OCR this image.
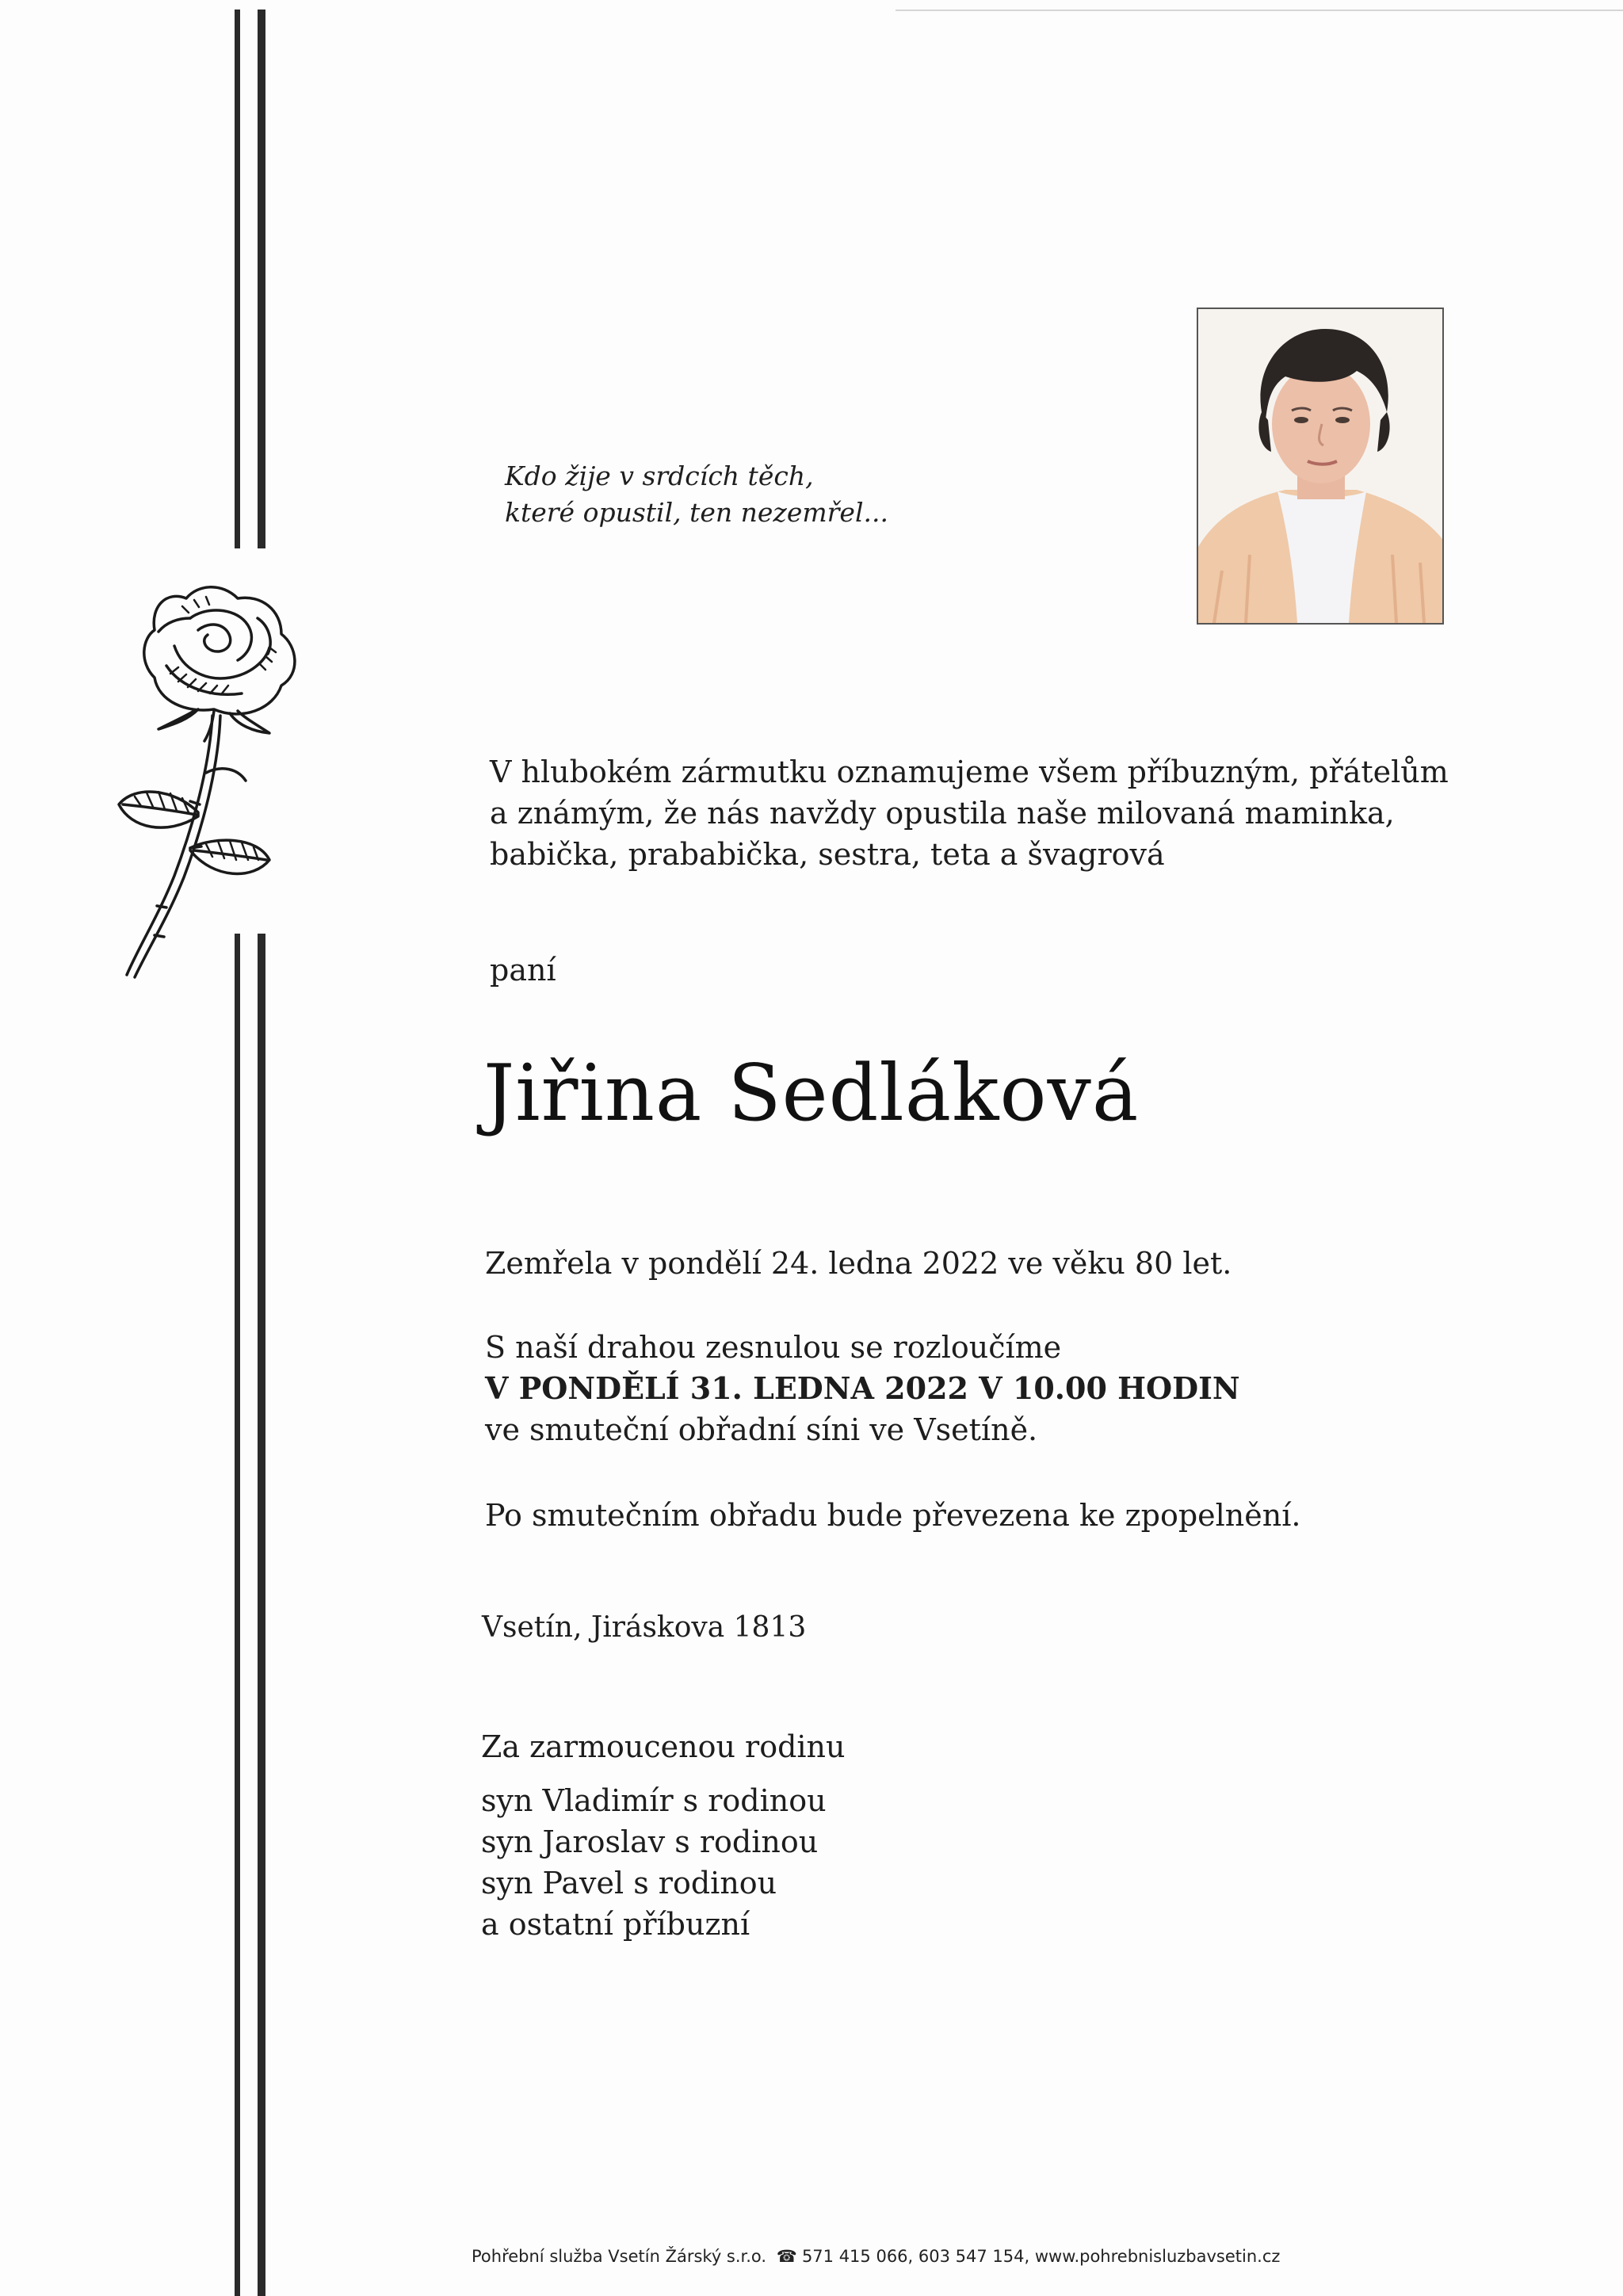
Kdo žije v srdcích těch,
které opustil, ten nezemřel...
V hlubokém zármutku oznamujeme všem příbuzným, přátelům
a známým, že nás navždy opustila naše milovaná maminka,
babička, prababička, sestra, teta a švagrová
paní
Jiřina Sedláková
Zemřela v pondělí 24. ledna 2022 ve věku 80 let.
S naší drahou zesnulou se rozloučíme
V PONDĚLÍ 31. LEDNA 2022 V 10.00 HODIN
ve smuteční obřadní síni ve Vsetíně.
Po smutečním obřadu bude převezena ke zpopelnění.
Vsetín, Jiráskova 1813
Za zarmoucenou rodinu
syn Vladimír s rodinou
syn Jaroslav s rodinou
syn Pavel s rodinou
a ostatní příbuzní
Pohřební služba Vsetín Žárský s.r.o. ☎ 571 415 066, 603 547 154, www.pohrebnisluzbavsetin.cz
